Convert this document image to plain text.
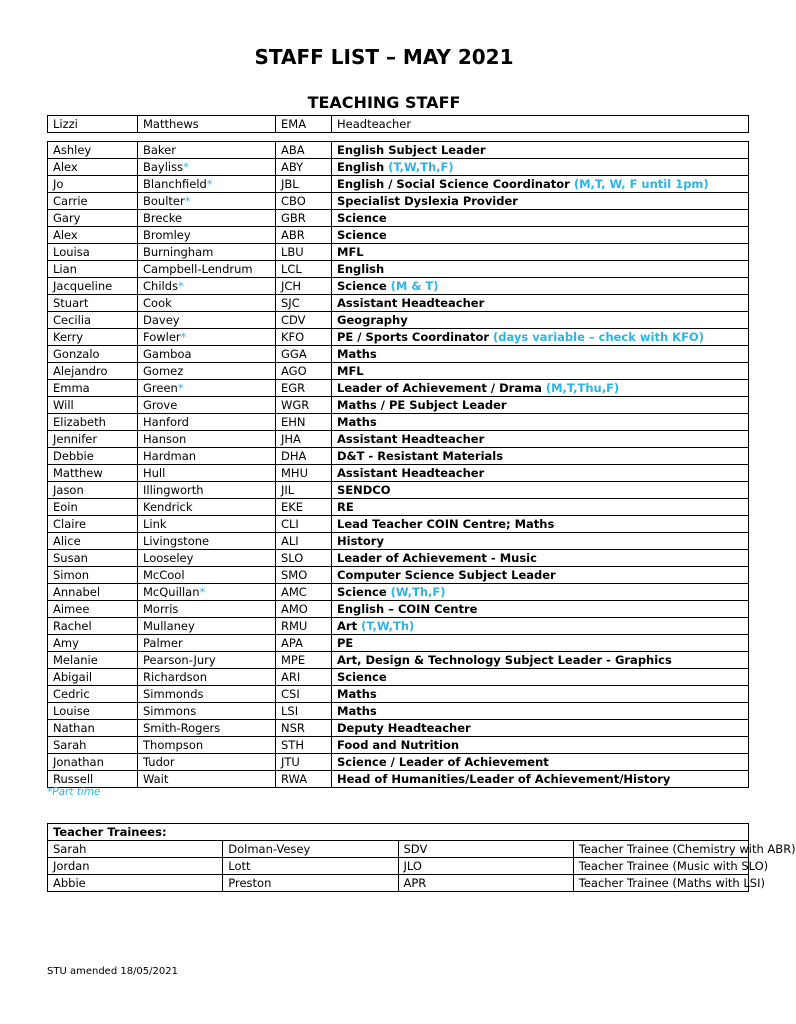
STAFF LIST – MAY 2021
TEACHING STAFF
Lizzi	Matthews	EMA	Headteacher
Ashley	Baker	ABA	English Subject Leader
Alex	Bayliss*	ABY	English (T,W,Th,F)
Jo	Blanchfield*	JBL	English / Social Science Coordinator (M,T, W, F until 1pm)
Carrie	Boulter*	CBO	Specialist Dyslexia Provider
Gary	Brecke	GBR	Science
Alex	Bromley	ABR	Science
Louisa	Burningham	LBU	MFL
Lian	Campbell-Lendrum	LCL	English
Jacqueline	Childs*	JCH	Science (M & T)
Stuart	Cook	SJC	Assistant Headteacher
Cecilia	Davey	CDV	Geography
Kerry	Fowler*	KFO	PE / Sports Coordinator (days variable – check with KFO)
Gonzalo	Gamboa	GGA	Maths
Alejandro	Gomez	AGO	MFL
Emma	Green*	EGR	Leader of Achievement / Drama (M,T,Thu,F)
Will	Grove	WGR	Maths / PE Subject Leader
Elizabeth	Hanford	EHN	Maths
Jennifer	Hanson	JHA	Assistant Headteacher
Debbie	Hardman	DHA	D&T - Resistant Materials
Matthew	Hull	MHU	Assistant Headteacher
Jason	Illingworth	JIL	SENDCO
Eoin	Kendrick	EKE	RE
Claire	Link	CLI	Lead Teacher COIN Centre; Maths
Alice	Livingstone	ALI	History
Susan	Looseley	SLO	Leader of Achievement - Music
Simon	McCool	SMO	Computer Science Subject Leader
Annabel	McQuillan*	AMC	Science (W,Th,F)
Aimee	Morris	AMO	English – COIN Centre
Rachel	Mullaney	RMU	Art (T,W,Th)
Amy	Palmer	APA	PE
Melanie	Pearson-Jury	MPE	Art, Design & Technology Subject Leader - Graphics
Abigail	Richardson	ARI	Science
Cedric	Simmonds	CSI	Maths
Louise	Simmons	LSI	Maths
Nathan	Smith-Rogers	NSR	Deputy Headteacher
Sarah	Thompson	STH	Food and Nutrition
Jonathan	Tudor	JTU	Science / Leader of Achievement
Russell	Wait	RWA	Head of Humanities/Leader of Achievement/History
*Part time
Teacher Trainees:			
Sarah	Dolman-Vesey	SDV	Teacher Trainee (Chemistry with ABR)
Jordan	Lott	JLO	Teacher Trainee (Music with SLO)
Abbie	Preston	APR	Teacher Trainee (Maths with LSI)
STU amended 18/05/2021
